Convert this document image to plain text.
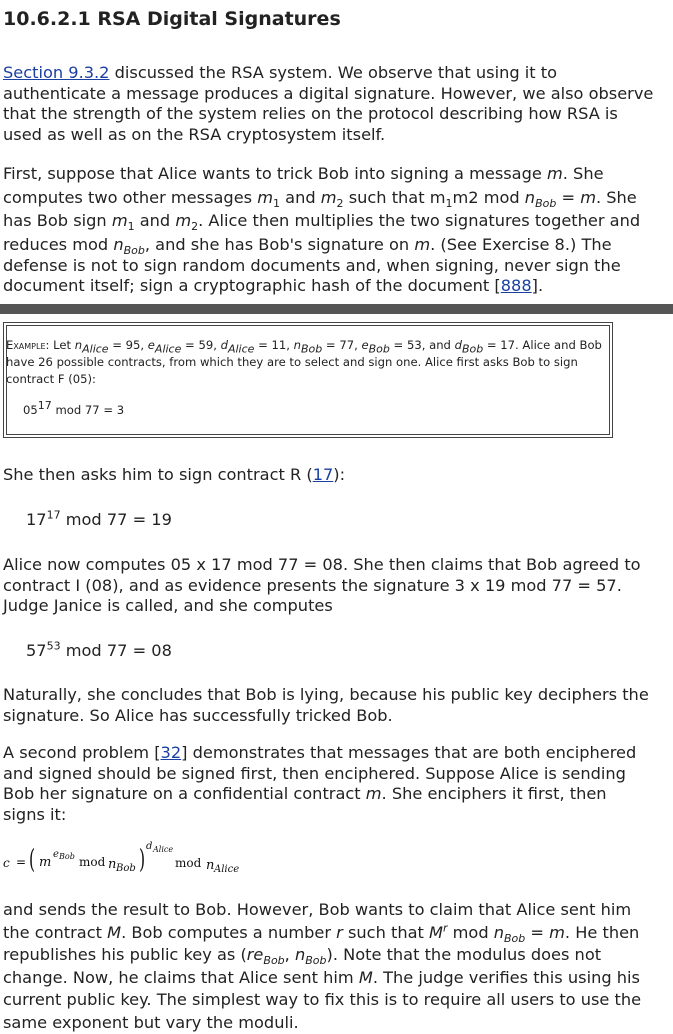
10.6.2.1 RSA Digital Signatures
Section 9.3.2 discussed the RSA system. We observe that using it to
authenticate a message produces a digital signature. However, we also observe
that the strength of the system relies on the protocol describing how RSA is
used as well as on the RSA cryptosystem itself.
First, suppose that Alice wants to trick Bob into signing a message m. She
computes two other messages $m_1$ and $m_2$ such that $m_1m2$ mod $n_{Bob} = m$. She
has Bob sign $m_1$ and $m_2$. Alice then multiplies the two signatures together and
reduces mod $n_{Bob}$, and she has Bob's signature on m. (See Exercise 8.) The
defense is not to sign random documents and, when signing, never sign the
document itself; sign a cryptographic hash of the document [888].
Example: Let $n_{Alice} = 95$, $e_{Alice} = 59$, $d_{Alice} = 11$, $n_{Bob} = 77$, $e_{Bob} = 53$, and $d_{Bob} = 17$. Alice and Bob
have 26 possible contracts, from which they are to select and sign one. Alice first asks Bob to sign
contract F (05):
$05^{17}$ mod 77 = 3
She then asks him to sign contract R (17):
$17^{17}$ mod 77 = 19
Alice now computes 05 x 17 mod 77 = 08. She then claims that Bob agreed to
contract I (08), and as evidence presents the signature 3 x 19 mod 77 = 57.
Judge Janice is called, and she computes
$57^{53}$ mod 77 = 08
Naturally, she concludes that Bob is lying, because his public key deciphers the
signature. So Alice has successfully tricked Bob.
A second problem [32] demonstrates that messages that are both enciphered
and signed should be signed first, then enciphered. Suppose Alice is sending
Bob her signature on a confidential contract m. She enciphers it first, then
signs it:
c = ( m
e Bob mod n Bob ) d Alice
mod n Alice
and sends the result to Bob. However, Bob wants to claim that Alice sent him
the contract M. Bob computes a number r such that $M^r$ mod $n_{Bob} = m$. He then
republishes his public key as ($re_{Bob}$, $n_{Bob}$). Note that the modulus does not
change. Now, he claims that Alice sent him M. The judge verifies this using his
current public key. The simplest way to fix this is to require all users to use the
same exponent but vary the moduli.
